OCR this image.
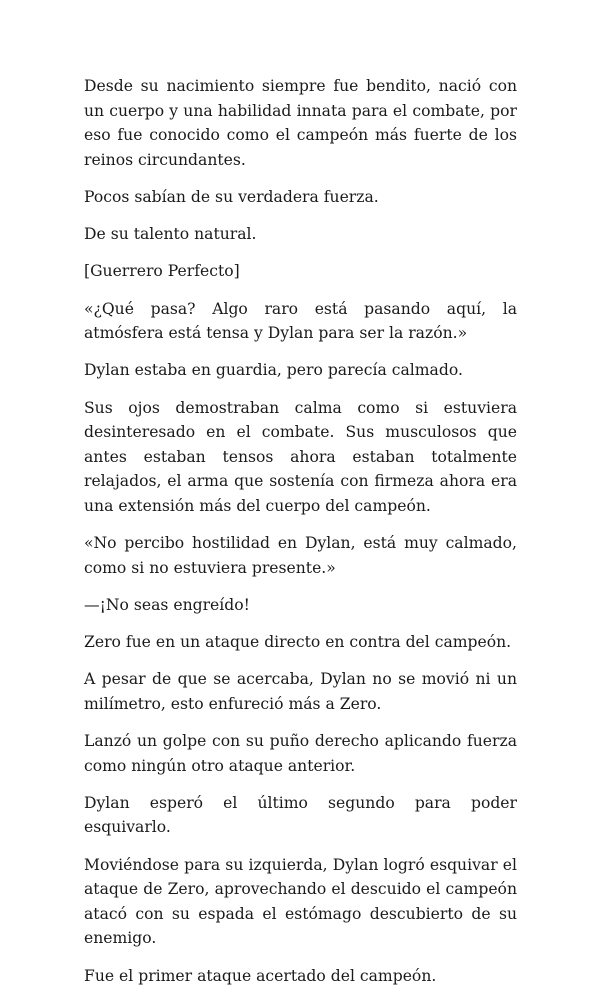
Desde su nacimiento siempre fue bendito, nació con un cuerpo y una habilidad innata para el combate, por eso fue conocido como el campeón más fuerte de los reinos circundantes.

Pocos sabían de su verdadera fuerza.

De su talento natural.

[Guerrero Perfecto]

«¿Qué pasa? Algo raro está pasando aquí, la atmósfera está tensa y Dylan para ser la razón.»

Dylan estaba en guardia, pero parecía calmado.

Sus ojos demostraban calma como si estuviera desinteresado en el combate. Sus musculosos que antes estaban tensos ahora estaban totalmente relajados, el arma que sostenía con firmeza ahora era una extensión más del cuerpo del campeón.

«No percibo hostilidad en Dylan, está muy calmado, como si no estuviera presente.»

—¡No seas engreído!

Zero fue en un ataque directo en contra del campeón.

A pesar de que se acercaba, Dylan no se movió ni un milímetro, esto enfureció más a Zero.

Lanzó un golpe con su puño derecho aplicando fuerza como ningún otro ataque anterior.

Dylan esperó el último segundo para poder esquivarlo.

Moviéndose para su izquierda, Dylan logró esquivar el ataque de Zero, aprovechando el descuido el campeón atacó con su espada el estómago descubierto de su enemigo.

Fue el primer ataque acertado del campeón.
